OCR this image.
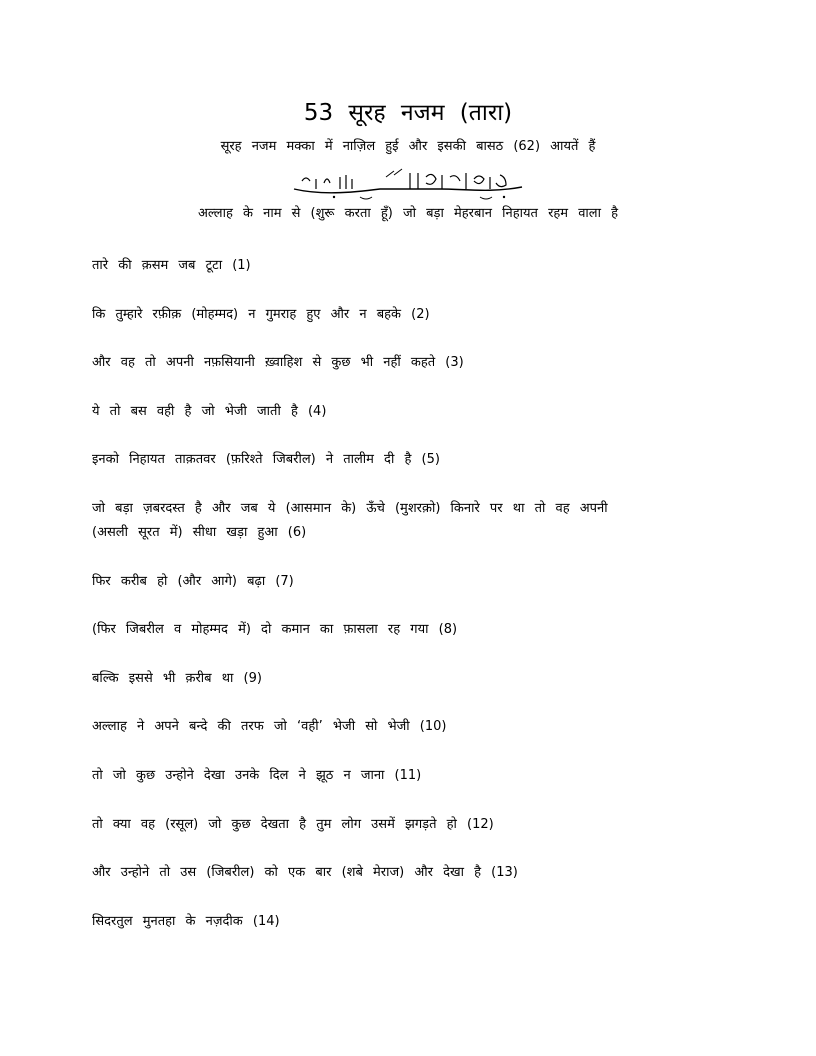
53 सूरह नजम (तारा)
सूरह नजम मक्का में नाज़िल हुई और इसकी बासठ (62) आयतें हैं
अल्लाह के नाम से (शुरू करता हूँ) जो बड़ा मेहरबान निहायत रहम वाला है
तारे की क़सम जब टूटा (1)
कि तुम्हारे रफ़ीक़ (मोहम्मद) न गुमराह हुए और न बहके (2)
और वह तो अपनी नफ़सियानी ख़्वाहिश से कुछ भी नहीं कहते (3)
ये तो बस वही है जो भेजी जाती है (4)
इनको निहायत ताक़तवर (फ़रिश्ते जिबरील) ने तालीम दी है (5)
जो बड़ा ज़बरदस्त है और जब ये (आसमान के) ऊँचे (मुशरक़ो) किनारे पर था तो वह अपनी
(असली सूरत में) सीधा खड़ा हुआ (6)
फिर करीब हो (और आगे) बढ़ा (7)
(फिर जिबरील व मोहम्मद में) दो कमान का फ़ासला रह गया (8)
बल्कि इससे भी क़रीब था (9)
अल्लाह ने अपने बन्दे की तरफ जो ‘वही’ भेजी सो भेजी (10)
तो जो कुछ उन्होने देखा उनके दिल ने झूठ न जाना (11)
तो क्या वह (रसूल) जो कुछ देखता है तुम लोग उसमें झगड़ते हो (12)
और उन्होने तो उस (जिबरील) को एक बार (शबे मेराज) और देखा है (13)
सिदरतुल मुनतहा के नज़दीक (14)
